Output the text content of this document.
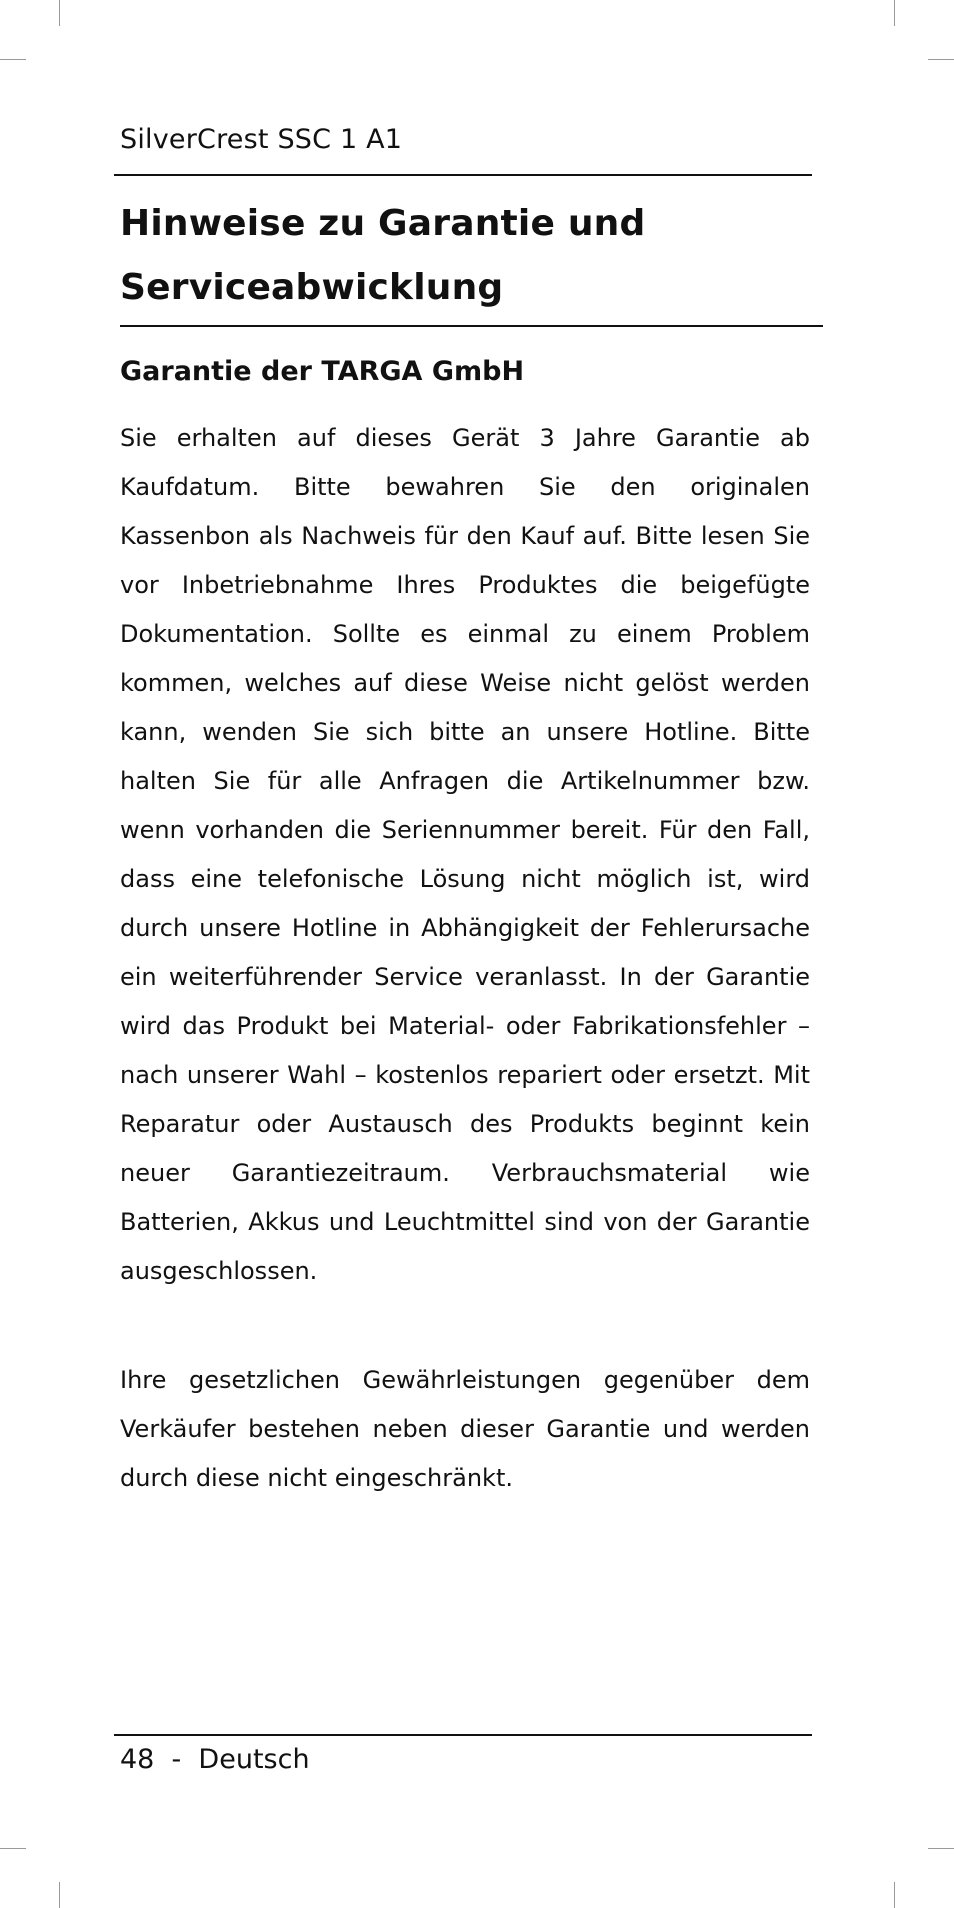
SilverCrest SSC 1 A1
Hinweise zu Garantie und Serviceabwicklung
Garantie der TARGA GmbH

Sie erhalten auf dieses Gerät 3 Jahre Garantie ab Kaufdatum. Bitte bewahren Sie den originalen Kassenbon als Nachweis für den Kauf auf. Bitte lesen Sie vor Inbetriebnahme Ihres Produktes die beigefügte Dokumentation. Sollte es einmal zu einem Problem kommen, welches auf diese Weise nicht gelöst werden kann, wenden Sie sich bitte an unsere Hotline. Bitte halten Sie für alle Anfragen die Artikelnummer bzw. wenn vorhanden die Seriennummer bereit. Für den Fall, dass eine telefonische Lösung nicht möglich ist, wird durch unsere Hotline in Abhängigkeit der Fehlerursache ein weiterführender Service veranlasst. In der Garantie wird das Produkt bei Material- oder Fabrikationsfehler – nach unserer Wahl – kostenlos repariert oder ersetzt. Mit Reparatur oder Austausch des Produkts beginnt kein neuer Garantiezeitraum. Verbrauchsmaterial wie Batterien, Akkus und Leuchtmittel sind von der Garantie ausgeschlossen.

Ihre gesetzlichen Gewährleistungen gegenüber dem Verkäufer bestehen neben dieser Garantie und werden durch diese nicht eingeschränkt.

48  -  Deutsch
